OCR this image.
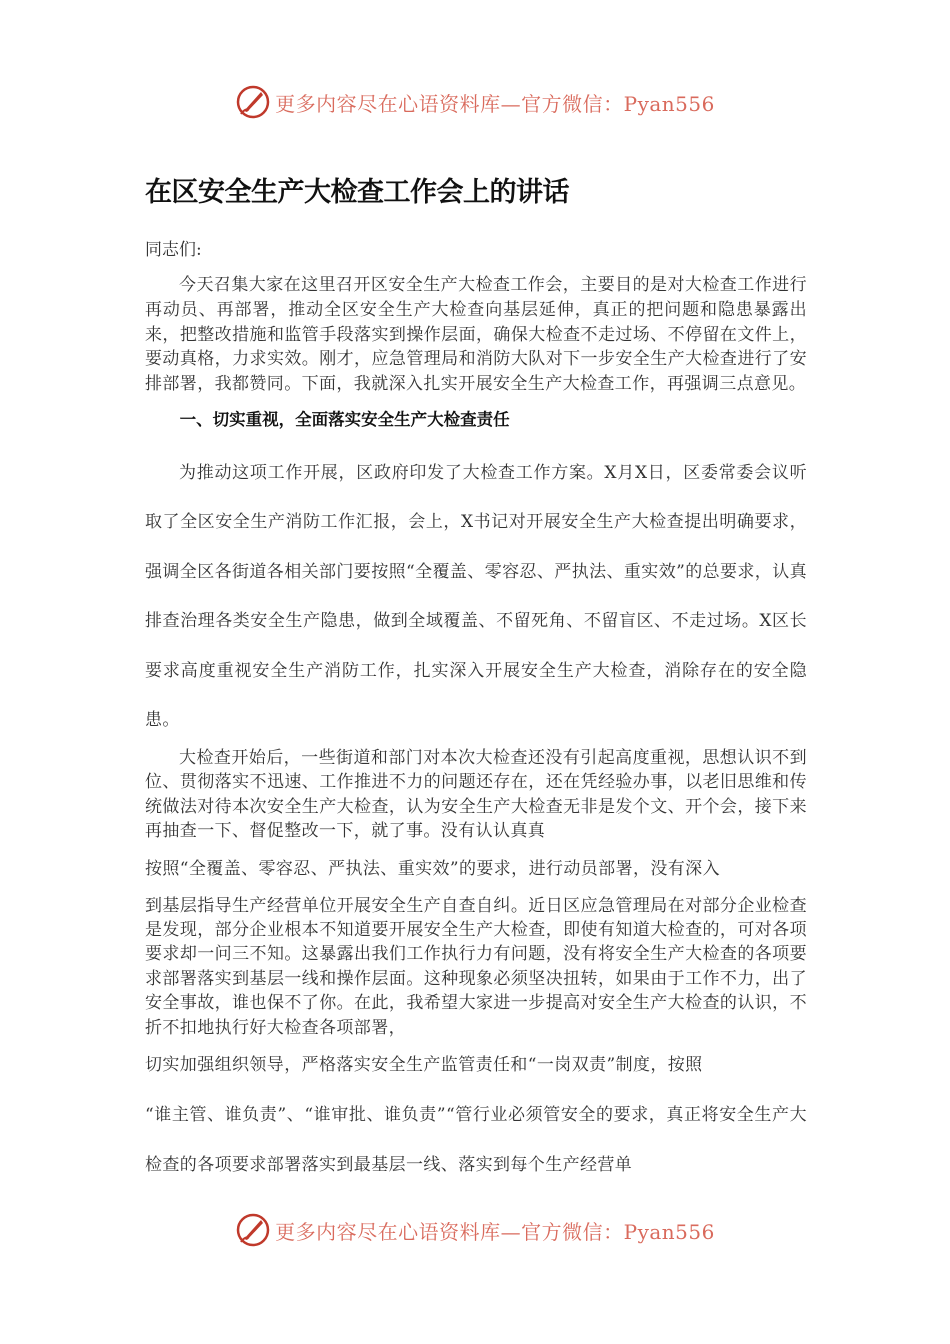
更多内容尽在心语资料库—官方微信：Pyan556
在区安全生产大检查工作会上的讲话

同志们:

今天召集大家在这里召开区安全生产大检查工作会，主要目的是对大检查工作进行再动员、再部署，推动全区安全生产大检查向基层延伸，真正的把问题和隐患暴露出来，把整改措施和监管手段落实到操作层面，确保大检查不走过场、不停留在文件上，要动真格，力求实效。刚才，应急管理局和消防大队对下一步安全生产大检查进行了安排部署，我都赞同。下面，我就深入扎实开展安全生产大检查工作，再强调三点意见。

一、切实重视，全面落实安全生产大检查责任

为推动这项工作开展，区政府印发了大检查工作方案。X月X日，区委常委会议听取了全区安全生产消防工作汇报，会上，X书记对开展安全生产大检查提出明确要求，强调全区各街道各相关部门要按照“全覆盖、零容忍、严执法、重实效”的总要求，认真排查治理各类安全生产隐患，做到全域覆盖、不留死角、不留盲区、不走过场。X区长要求高度重视安全生产消防工作，扎实深入开展安全生产大检查，消除存在的安全隐患。

大检查开始后，一些街道和部门对本次大检查还没有引起高度重视，思想认识不到位、贯彻落实不迅速、工作推进不力的问题还存在，还在凭经验办事，以老旧思维和传统做法对待本次安全生产大检查，认为安全生产大检查无非是发个文、开个会，接下来再抽查一下、督促整改一下，就了事。没有认认真真
按照“全覆盖、零容忍、严执法、重实效”的要求，进行动员部署，没有深入
到基层指导生产经营单位开展安全生产自查自纠。近日区应急管理局在对部分企业检查是发现，部分企业根本不知道要开展安全生产大检查，即使有知道大检查的，可对各项要求却一问三不知。这暴露出我们工作执行力有问题，没有将安全生产大检查的各项要求部署落实到基层一线和操作层面。这种现象必须坚决扭转，如果由于工作不力，出了安全事故，谁也保不了你。在此，我希望大家进一步提高对安全生产大检查的认识，不折不扣地执行好大检查各项部署，
切实加强组织领导，严格落实安全生产监管责任和“一岗双责”制度，按照
“谁主管、谁负责”、“谁审批、谁负责”“管行业必须管安全的要求，真正将安全生产大检查的各项要求部署落实到最基层一线、落实到每个生产经营单
更多内容尽在心语资料库—官方微信：Pyan556
